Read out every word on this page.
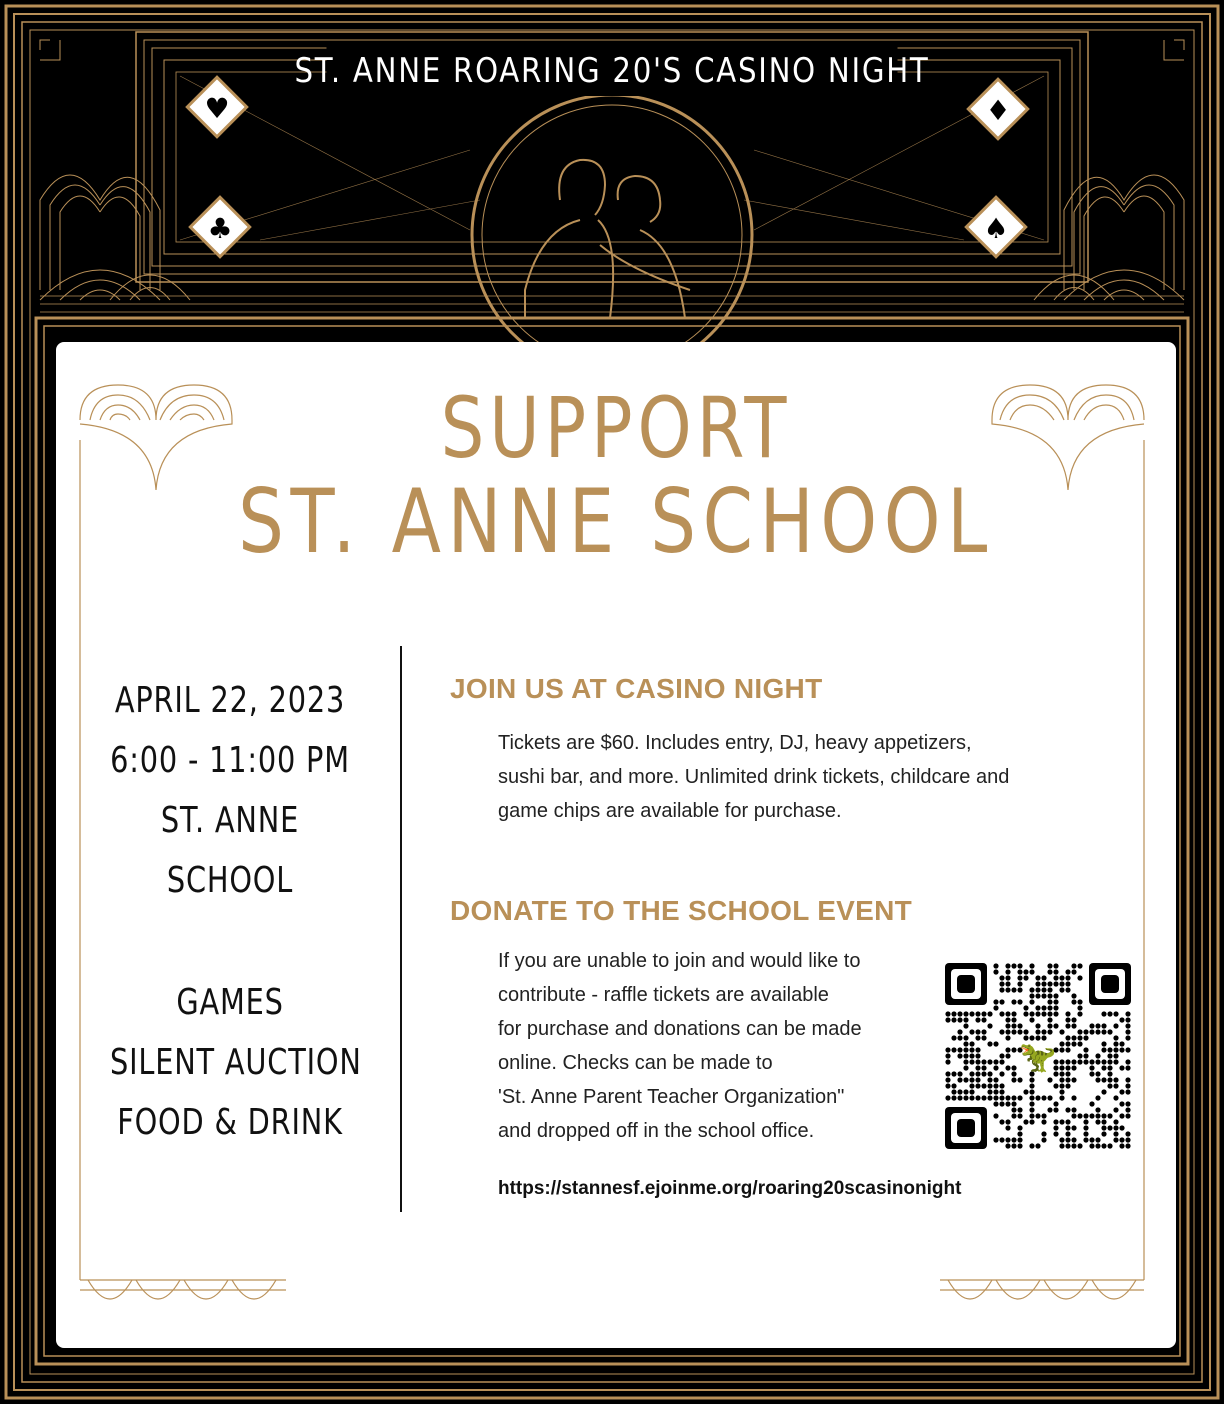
♥
♣
♦
♠
ST. ANNE ROARING 20'S CASINO NIGHT
SUPPORT
ST. ANNE SCHOOL
APRIL 22, 2023
6:00 - 11:00 PM
ST. ANNE
SCHOOL
GAMES
SILENT AUCTION
FOOD & DRINK
JOIN US AT CASINO NIGHT
Tickets are $60. Includes entry, DJ, heavy appetizers,
sushi bar, and more. Unlimited drink tickets, childcare and
game chips are available for purchase.
DONATE TO THE SCHOOL EVENT
If you are unable to join and would like to
contribute - raffle tickets are available
for purchase and donations can be made
online. Checks can be made to
'St. Anne Parent Teacher Organization"
and dropped off in the school office.
https://stannesf.ejoinme.org/roaring20scasinonight
🦖
